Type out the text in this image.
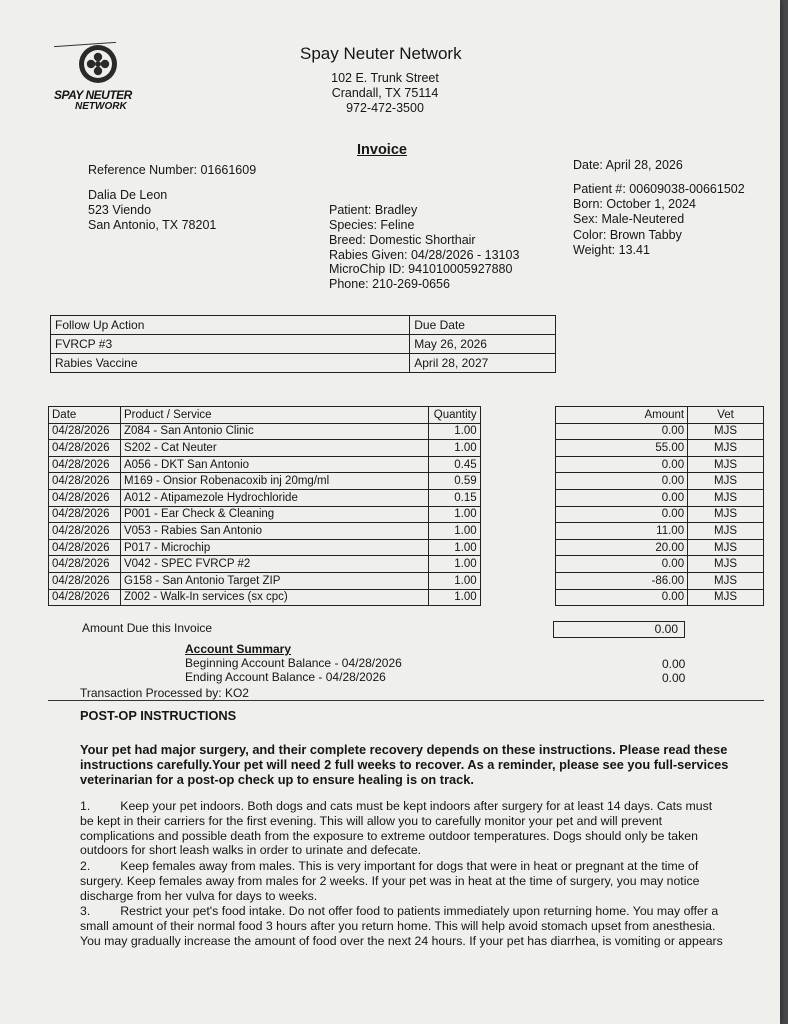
SPAY NEUTER
NETWORK
Spay Neuter Network
102 E. Trunk Street
Crandall, TX 75114
972-472-3500
Invoice
Reference Number: 01661609	Date: April 28, 2026
Dalia De Leon
523 Viendo
San Antonio, TX 78201
Patient: Bradley
Species: Feline
Breed: Domestic Shorthair
Rabies Given: 04/28/2026 - 13103
MicroChip ID: 941010005927880
Phone: 210-269-0656
Patient #: 00609038-00661502
Born: October 1, 2024
Sex: Male-Neutered
Color: Brown Tabby
Weight: 13.41
Follow Up Action	Due Date
FVRCP #3	May 26, 2026
Rabies Vaccine	April 28, 2027
Date	Product / Service	Quantity		Amount	Vet
04/28/2026	Z084 - San Antonio Clinic	1.00		0.00	MJS
04/28/2026	S202 - Cat Neuter	1.00		55.00	MJS
04/28/2026	A056 - DKT San Antonio	0.45		0.00	MJS
04/28/2026	M169 - Onsior Robenacoxib inj 20mg/ml	0.59		0.00	MJS
04/28/2026	A012 - Atipamezole Hydrochloride	0.15		0.00	MJS
04/28/2026	P001 - Ear Check & Cleaning	1.00		0.00	MJS
04/28/2026	V053 - Rabies San Antonio	1.00		11.00	MJS
04/28/2026	P017 - Microchip	1.00		20.00	MJS
04/28/2026	V042 - SPEC FVRCP #2	1.00		0.00	MJS
04/28/2026	G158 - San Antonio Target ZIP	1.00		-86.00	MJS
04/28/2026	Z002 - Walk-In services (sx cpc)	1.00		0.00	MJS
Amount Due this Invoice	0.00
Account Summary
Beginning Account Balance - 04/28/2026	0.00
Ending Account Balance - 04/28/2026	0.00
Transaction Processed by: KO2
POST-OP INSTRUCTIONS
Your pet had major surgery, and their complete recovery depends on these instructions. Please read these
instructions carefully.Your pet will need 2 full weeks to recover. As a reminder, please see you full-services
veterinarian for a post-op check up to ensure healing is on track.
1. Keep your pet indoors. Both dogs and cats must be kept indoors after surgery for at least 14 days. Cats must
be kept in their carriers for the first evening. This will allow you to carefully monitor your pet and will prevent
complications and possible death from the exposure to extreme outdoor temperatures. Dogs should only be taken
outdoors for short leash walks in order to urinate and defecate.
2. Keep females away from males. This is very important for dogs that were in heat or pregnant at the time of
surgery. Keep females away from males for 2 weeks. If your pet was in heat at the time of surgery, you may notice
discharge from her vulva for days to weeks.
3. Restrict your pet's food intake. Do not offer food to patients immediately upon returning home. You may offer a
small amount of their normal food 3 hours after you return home. This will help avoid stomach upset from anesthesia.
You may gradually increase the amount of food over the next 24 hours. If your pet has diarrhea, is vomiting or appears
